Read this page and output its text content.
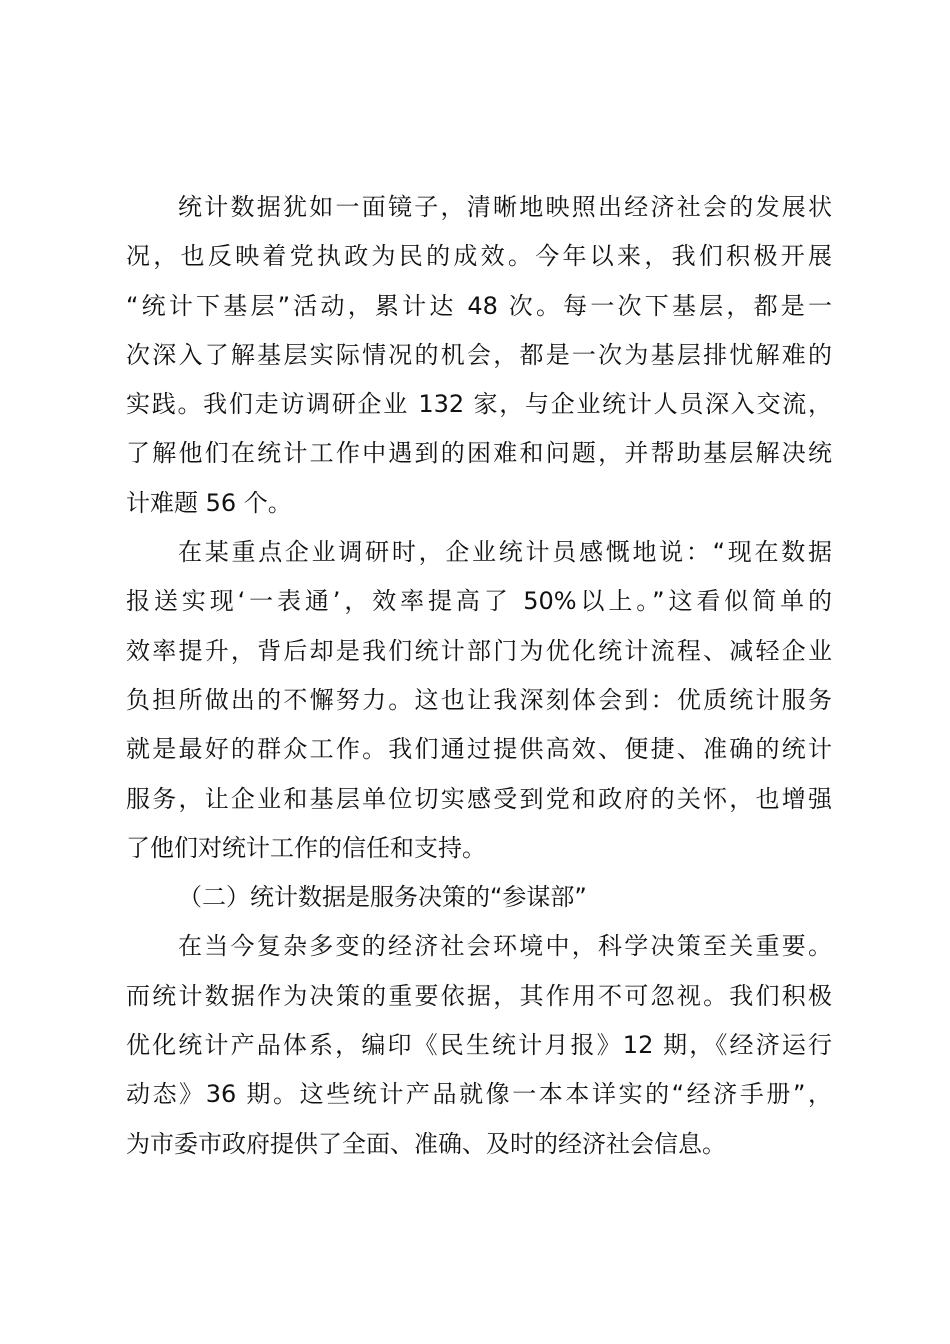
统计数据犹如一面镜子，清晰地映照出经济社会的发展状
况，也反映着党执政为民的成效。今年以来，我们积极开展
“统计下基层”活动，累计达 48 次。每一次下基层，都是一
次深入了解基层实际情况的机会，都是一次为基层排忧解难的
实践。我们走访调研企业 132 家，与企业统计人员深入交流，
了解他们在统计工作中遇到的困难和问题，并帮助基层解决统
计难题 56 个。
在某重点企业调研时，企业统计员感慨地说：“现在数据
报送实现‘一表通’，效率提高了 50%以上。”这看似简单的
效率提升，背后却是我们统计部门为优化统计流程、减轻企业
负担所做出的不懈努力。这也让我深刻体会到：优质统计服务
就是最好的群众工作。我们通过提供高效、便捷、准确的统计
服务，让企业和基层单位切实感受到党和政府的关怀，也增强
了他们对统计工作的信任和支持。
（二）统计数据是服务决策的“参谋部”
在当今复杂多变的经济社会环境中，科学决策至关重要。
而统计数据作为决策的重要依据，其作用不可忽视。我们积极
优化统计产品体系，编印《民生统计月报》12 期，《经济运行
动态》36 期。这些统计产品就像一本本详实的“经济手册”，
为市委市政府提供了全面、准确、及时的经济社会信息。
